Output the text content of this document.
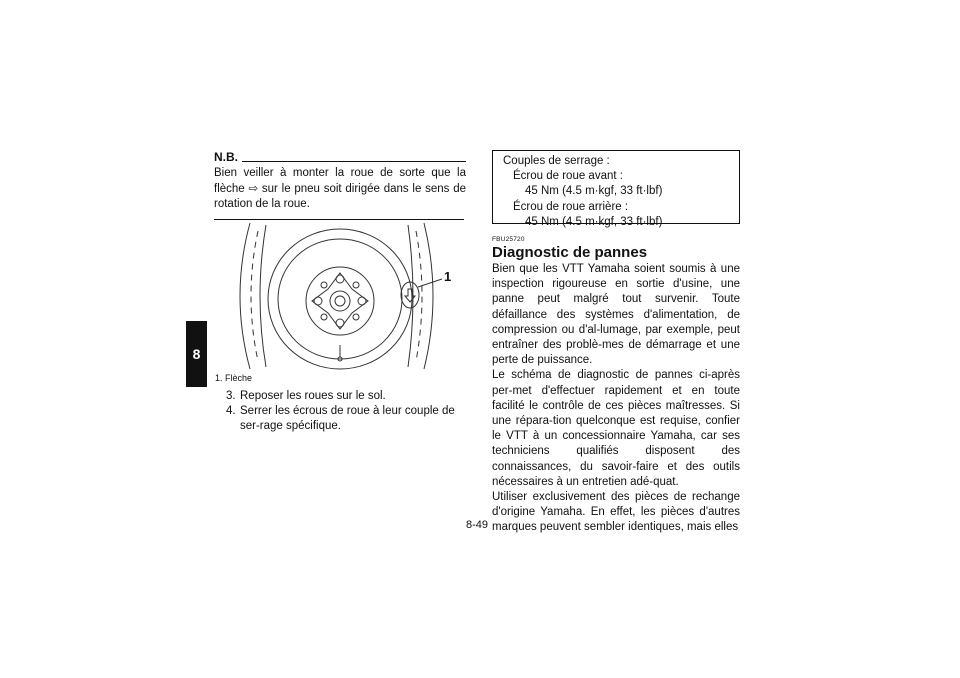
8
N.B.
Bien veiller à monter la roue de sorte que la flèche ⇨ sur le pneu soit dirigée dans le sens de rotation de la roue.
1
1. Flèche
3. Reposer les roues sur le sol.
4. Serrer les écrous de roue à leur couple de ser-rage spécifique.
Couples de serrage :
Écrou de roue avant :
45 Nm (4.5 m·kgf, 33 ft·lbf)
Écrou de roue arrière :
45 Nm (4.5 m·kgf, 33 ft·lbf)
FBU25720
Diagnostic de pannes

Bien que les VTT Yamaha soient soumis à une inspection rigoureuse en sortie d'usine, une panne peut malgré tout survenir. Toute défaillance des systèmes d'alimentation, de compression ou d'al-lumage, par exemple, peut entraîner des problè-mes de démarrage et une perte de puissance.

Le schéma de diagnostic de pannes ci-après per-met d'effectuer rapidement et en toute facilité le contrôle de ces pièces maîtresses. Si une répara-tion quelconque est requise, confier le VTT à un concessionnaire Yamaha, car ses techniciens qualifiés disposent des connaissances, du savoir-faire et des outils nécessaires à un entretien adé-quat.

Utiliser exclusivement des pièces de rechange d'origine Yamaha. En effet, les pièces d'autres marques peuvent sembler identiques, mais elles

8-49
